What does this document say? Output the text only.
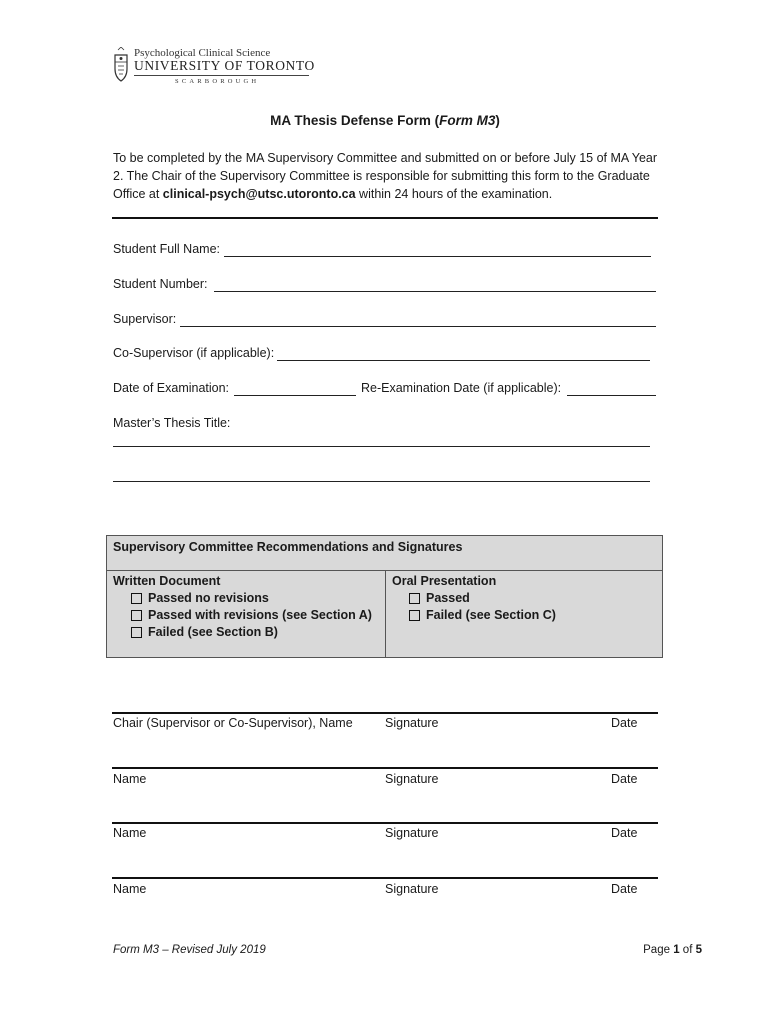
Psychological Clinical Science
UNIVERSITY OF TORONTO
SCARBOROUGH
MA Thesis Defense Form (Form M3)
To be completed by the MA Supervisory Committee and submitted on or before July 15 of MA Year 2. The Chair of the Supervisory Committee is responsible for submitting this form to the Graduate Office at clinical-psych@utsc.utoronto.ca within 24 hours of the examination.
Student Full Name:
Student Number:
Supervisor:
Co-Supervisor (if applicable):
Date of Examination:	Re-Examination Date (if applicable):
Master’s Thesis Title:
Supervisory Committee Recommendations and Signatures
Written Document
Passed no revisions
Passed with revisions (see Section A)
Failed (see Section B)
Oral Presentation
Passed
Failed (see Section C)
Chair (Supervisor or Co-Supervisor), Name	Signature	Date
Name	Signature	Date
Name	Signature	Date
Name	Signature	Date
Form M3 – Revised July 2019	Page 1 of 5
